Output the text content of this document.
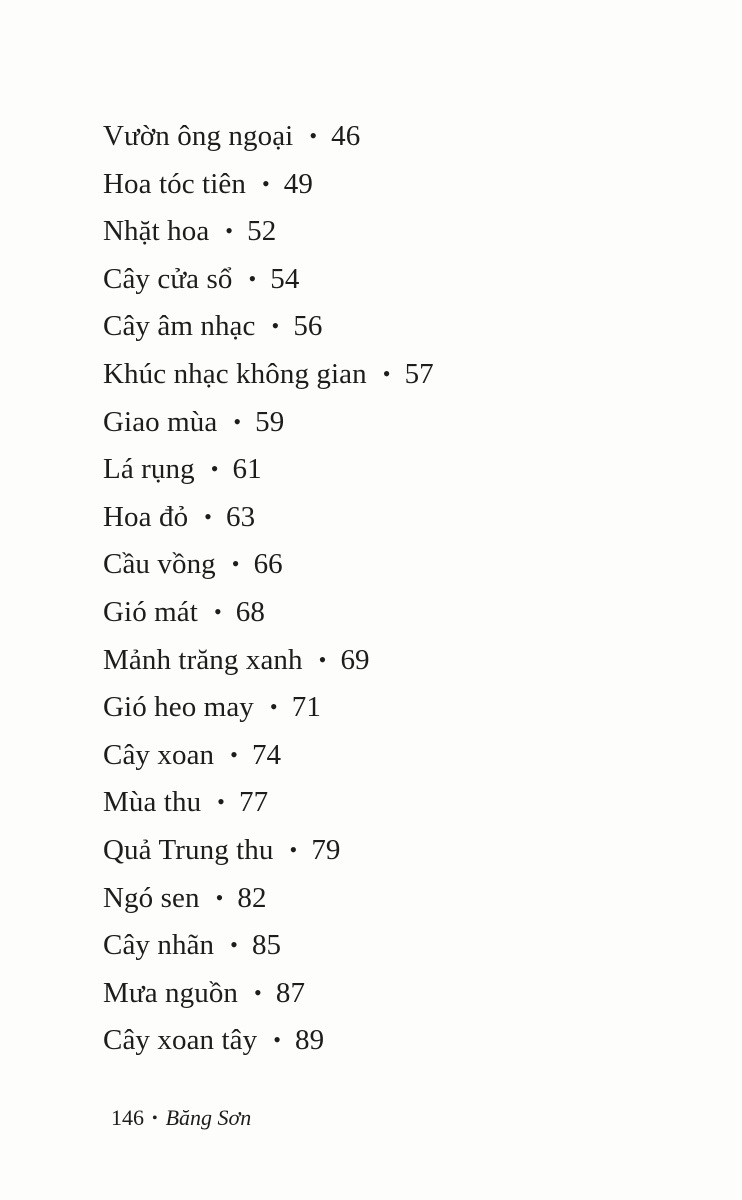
Vườn ông ngoại • 46
Hoa tóc tiên • 49
Nhặt hoa • 52
Cây cửa sổ • 54
Cây âm nhạc • 56
Khúc nhạc không gian • 57
Giao mùa • 59
Lá rụng • 61
Hoa đỏ • 63
Cầu vồng • 66
Gió mát • 68
Mảnh trăng xanh • 69
Gió heo may • 71
Cây xoan • 74
Mùa thu • 77
Quả Trung thu • 79
Ngó sen • 82
Cây nhãn • 85
Mưa nguồn • 87
Cây xoan tây • 89
146 • Băng Sơn
